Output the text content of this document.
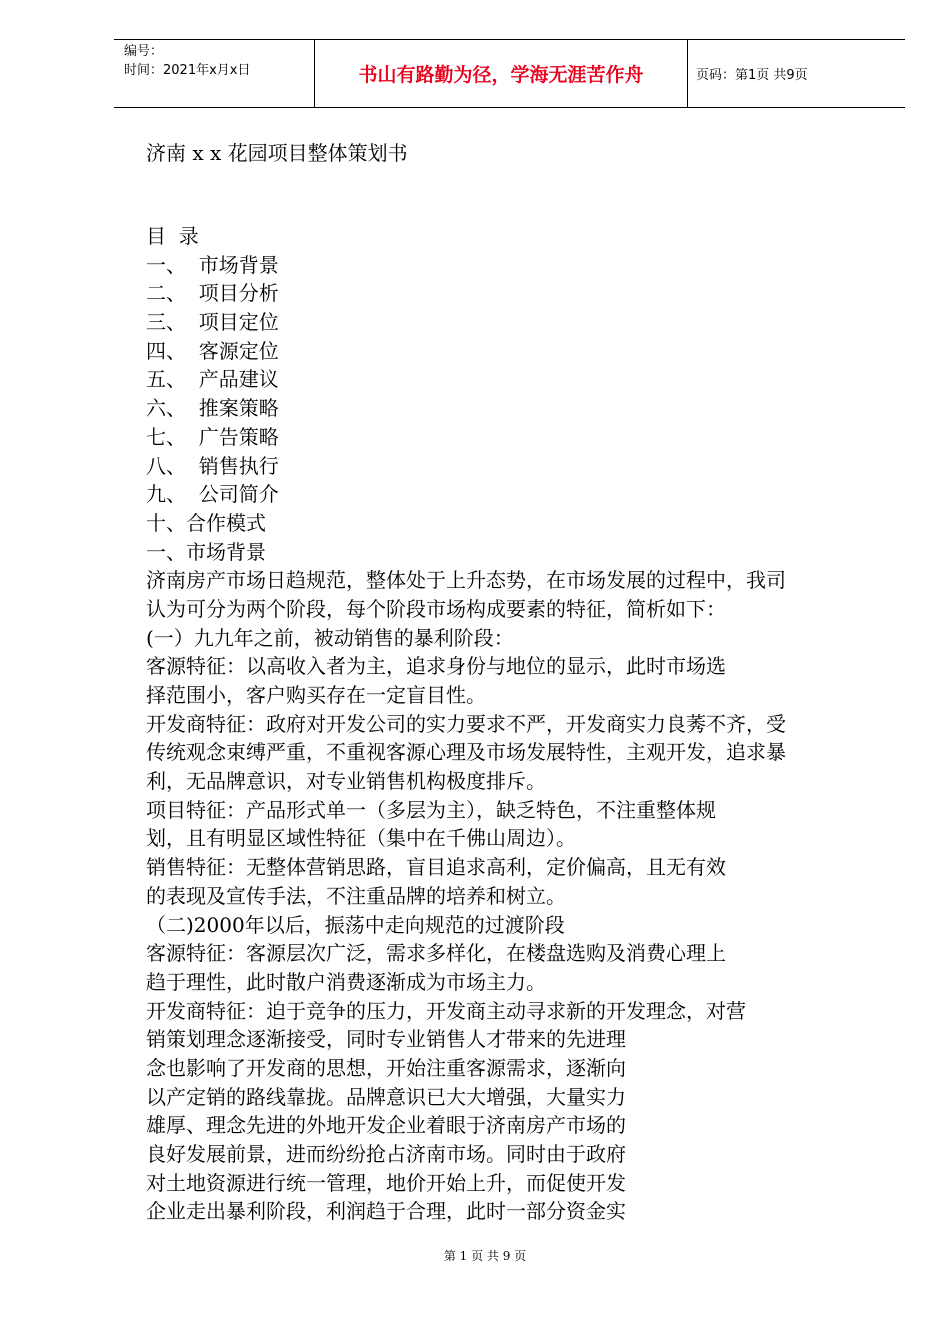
编号：
时间：2021年x月x日	书山有路勤为径，学海无涯苦作舟	页码：第1页 共9页
济南 x x 花园项目整体策划书
目  录
一、  市场背景
二、  项目分析
三、  项目定位
四、  客源定位
五、  产品建议
六、  推案策略
七、  广告策略
八、  销售执行
九、  公司简介
十、合作模式
一、市场背景
济南房产市场日趋规范，整体处于上升态势，在市场发展的过程中，我司
认为可分为两个阶段，每个阶段市场构成要素的特征，简析如下：
(一）九九年之前，被动销售的暴利阶段：
客源特征：以高收入者为主，追求身份与地位的显示，此时市场选
择范围小，客户购买存在一定盲目性。
开发商特征：政府对开发公司的实力要求不严，开发商实力良莠不齐，受
传统观念束缚严重，不重视客源心理及市场发展特性，主观开发，追求暴
利，无品牌意识，对专业销售机构极度排斥。
项目特征：产品形式单一（多层为主），缺乏特色，不注重整体规
划，且有明显区域性特征（集中在千佛山周边）。
销售特征：无整体营销思路，盲目追求高利，定价偏高，且无有效
的表现及宣传手法，不注重品牌的培养和树立。
（二)2000年以后，振荡中走向规范的过渡阶段
客源特征：客源层次广泛，需求多样化，在楼盘选购及消费心理上
趋于理性，此时散户消费逐渐成为市场主力。
开发商特征：迫于竞争的压力，开发商主动寻求新的开发理念，对营
销策划理念逐渐接受，同时专业销售人才带来的先进理
念也影响了开发商的思想，开始注重客源需求，逐渐向
以产定销的路线靠拢。品牌意识已大大增强，大量实力
雄厚、理念先进的外地开发企业着眼于济南房产市场的
良好发展前景，进而纷纷抢占济南市场。同时由于政府
对土地资源进行统一管理，地价开始上升，而促使开发
企业走出暴利阶段，利润趋于合理，此时一部分资金实
第 1 页 共 9 页
